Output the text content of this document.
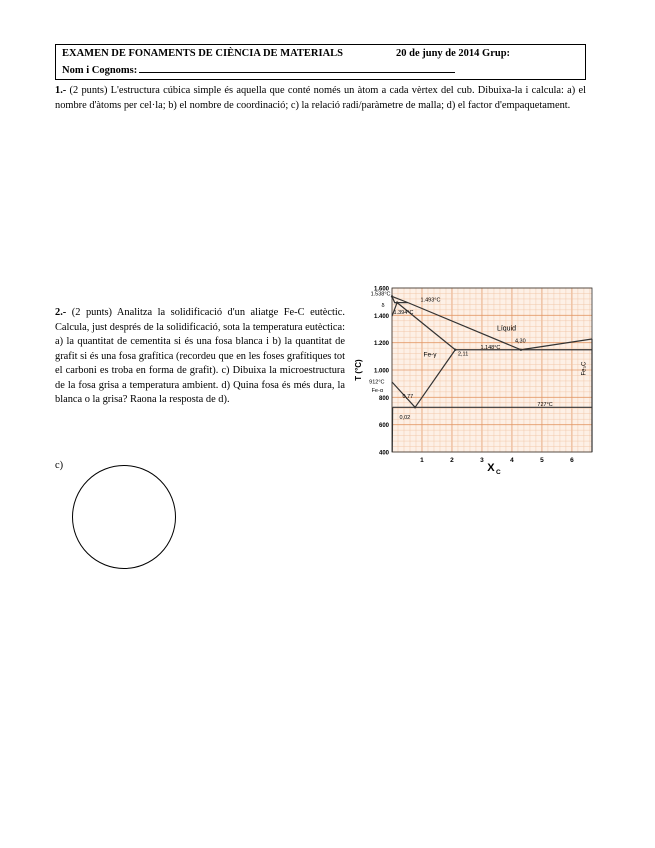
EXAMEN DE FONAMENTS DE CIÈNCIA DE MATERIALS	20 de juny de 2014 Grup:
Nom i Cognoms:
1.- (2 punts) L'estructura cúbica simple és aquella que conté només un àtom a cada vèrtex del cub. Dibuixa-la i calcula: a) el nombre d'àtoms per cel·la; b) el nombre de coordinació; c) la relació radi/paràmetre de malla; d) el factor d'empaquetament.
2.- (2 punts) Analitza la solidificació d'un aliatge Fe-C eutèctic. Calcula, just després de la solidificació, sota la temperatura eutèctica: a) la quantitat de cementita si és una fosa blanca i b) la quantitat de grafit si és una fosa grafítica (recordeu que en les foses grafítiques tot el carboni es troba en forma de grafit). c) Dibuixa la microestructura de la fosa grisa a temperatura ambient. d) Quina fosa és més dura, la blanca o la grisa? Raona la resposta de d).
1	2	3	4	5	6
400
600
800
1.000
1.200
1.400
1.600
X C
T (°C)
Líquid
Fe-γ
δ
Fe-α
Fe₃C
1.538°C
1.493°C
1.394°C
1.148°C
912°C
727°C
4,30
2,11
0,77
0,02
c)
